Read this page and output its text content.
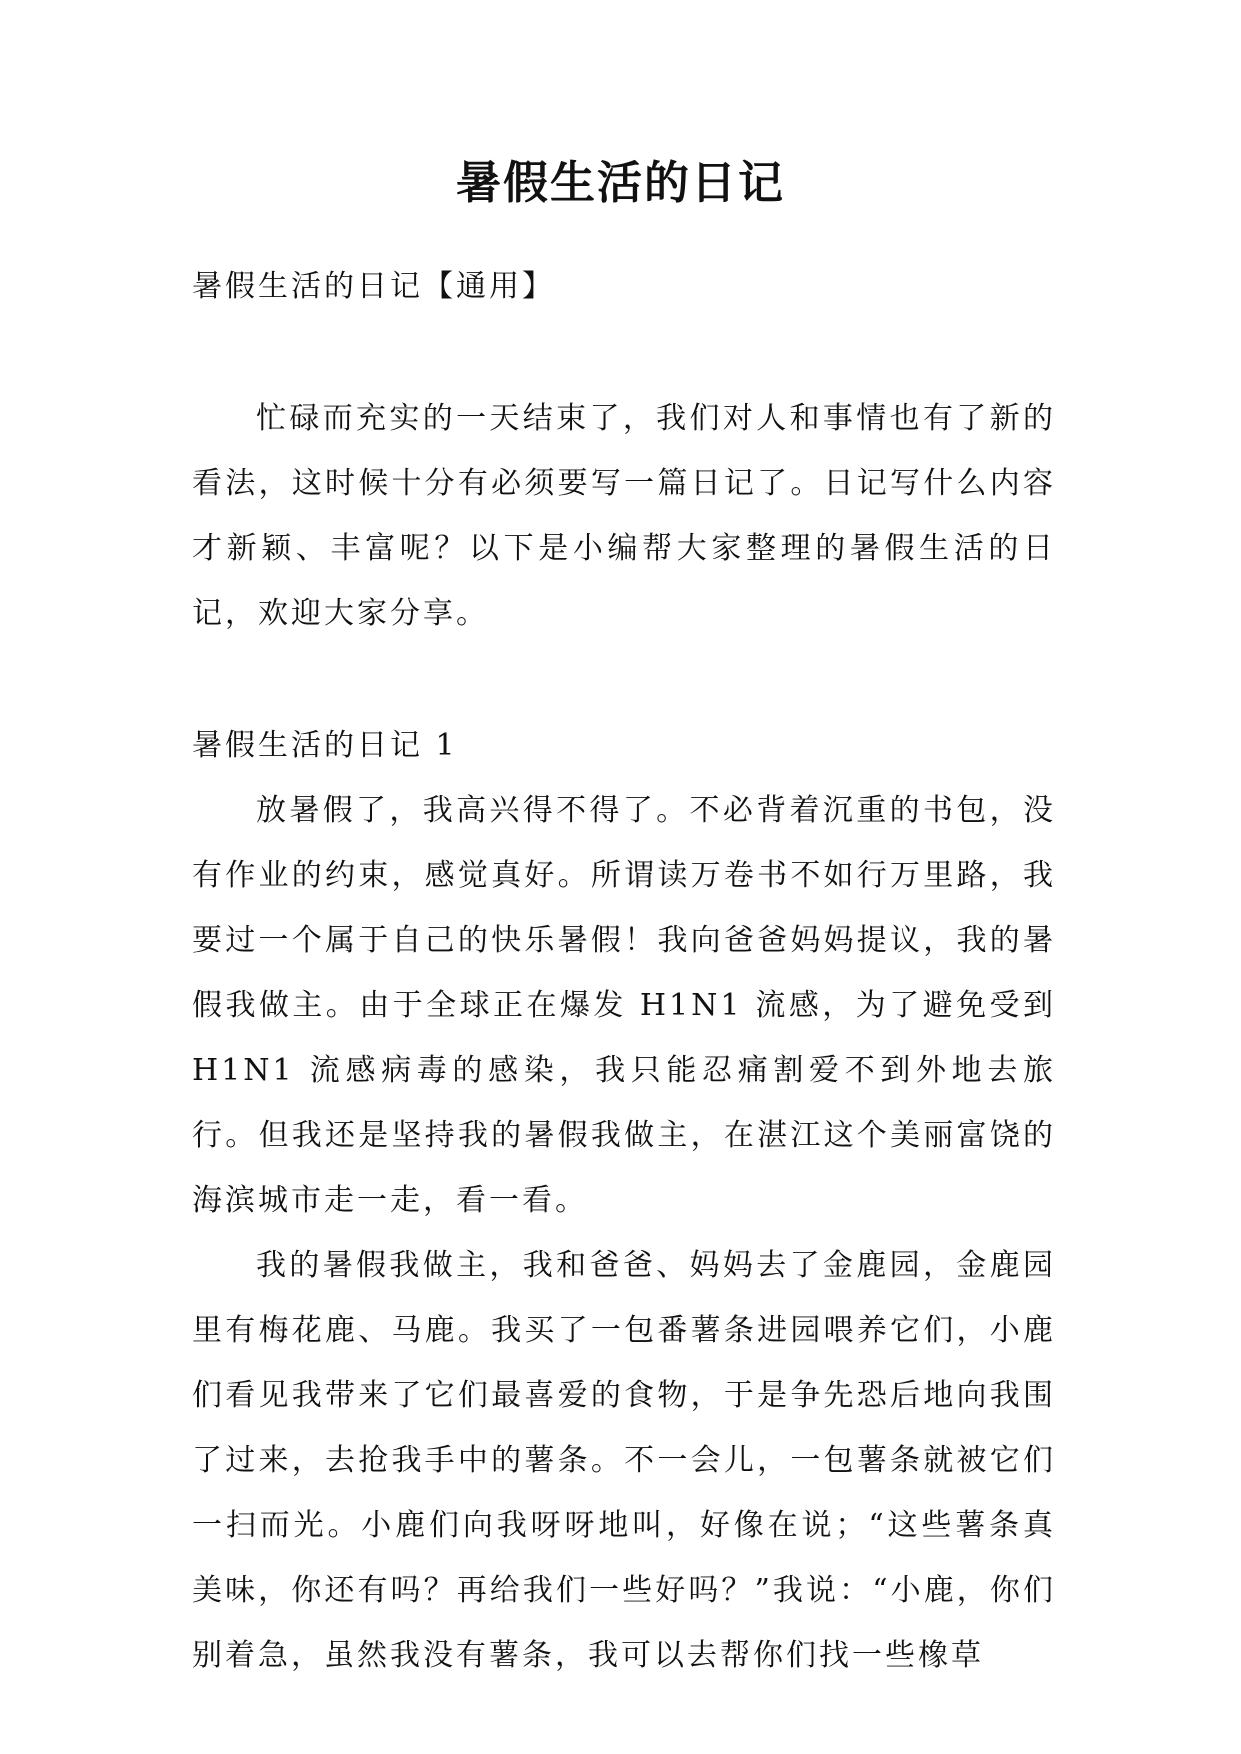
暑假生活的日记

暑假生活的日记【通用】

忙碌而充实的一天结束了，我们对人和事情也有了新的看法，这时候十分有必须要写一篇日记了。日记写什么内容才新颖、丰富呢？以下是小编帮大家整理的暑假生活的日记，欢迎大家分享。

暑假生活的日记 1

放暑假了，我高兴得不得了。不必背着沉重的书包，没有作业的约束，感觉真好。所谓读万卷书不如行万里路，我要过一个属于自己的快乐暑假！我向爸爸妈妈提议，我的暑假我做主。由于全球正在爆发 H1N1 流感，为了避免受到 H1N1 流感病毒的感染，我只能忍痛割爱不到外地去旅行。但我还是坚持我的暑假我做主，在湛江这个美丽富饶的海滨城市走一走，看一看。

我的暑假我做主，我和爸爸、妈妈去了金鹿园，金鹿园里有梅花鹿、马鹿。我买了一包番薯条进园喂养它们，小鹿们看见我带来了它们最喜爱的食物，于是争先恐后地向我围了过来，去抢我手中的薯条。不一会儿，一包薯条就被它们一扫而光。小鹿们向我呀呀地叫，好像在说；“这些薯条真美味，你还有吗？再给我们一些好吗？”我说：“小鹿，你们别着急，虽然我没有薯条，我可以去帮你们找一些橡草
